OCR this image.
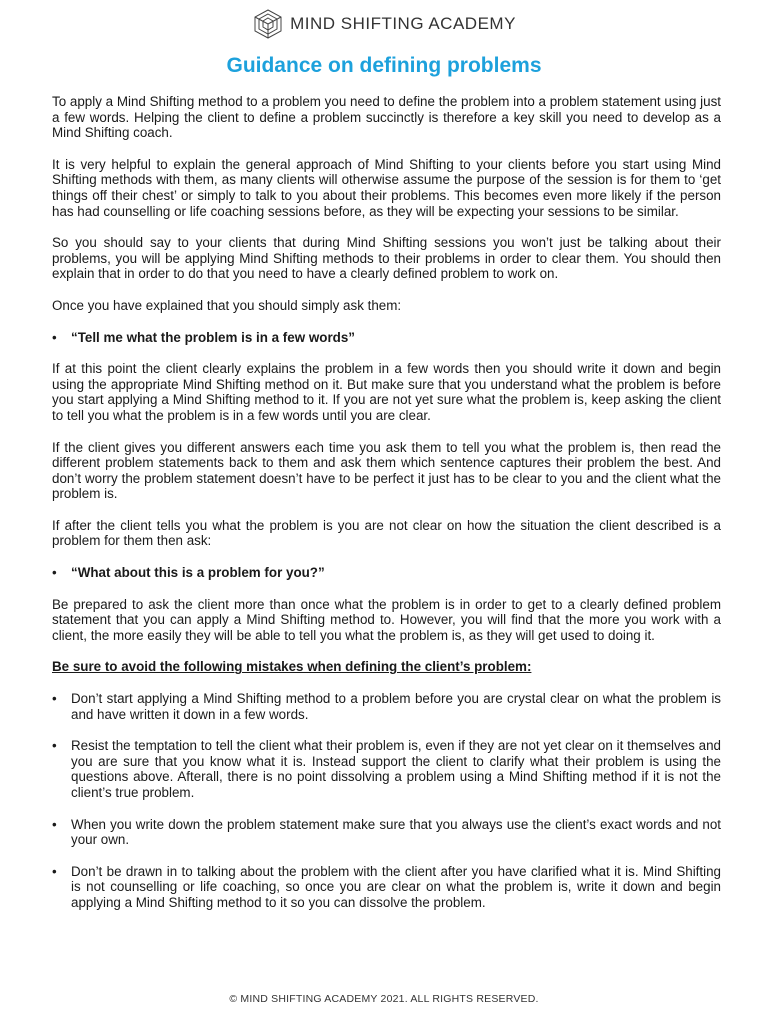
MIND SHIFTING ACADEMY
Guidance on defining problems

To apply a Mind Shifting method to a problem you need to define the problem into a problem statement using just a few words. Helping the client to define a problem succinctly is therefore a key skill you need to develop as a Mind Shifting coach.

It is very helpful to explain the general approach of Mind Shifting to your clients before you start using Mind Shifting methods with them, as many clients will otherwise assume the purpose of the session is for them to ‘get things off their chest’ or simply to talk to you about their problems. This becomes even more likely if the person has had counselling or life coaching sessions before, as they will be expecting your sessions to be similar.

So you should say to your clients that during Mind Shifting sessions you won’t just be talking about their problems, you will be applying Mind Shifting methods to their problems in order to clear them. You should then explain that in order to do that you need to have a clearly defined problem to work on.

Once you have explained that you should simply ask them:

•	“Tell me what the problem is in a few words”

If at this point the client clearly explains the problem in a few words then you should write it down and begin using the appropriate Mind Shifting method on it. But make sure that you understand what the problem is before you start applying a Mind Shifting method to it. If you are not yet sure what the problem is, keep asking the client to tell you what the problem is in a few words until you are clear.

If the client gives you different answers each time you ask them to tell you what the problem is, then read the different problem statements back to them and ask them which sentence captures their problem the best. And don’t worry the problem statement doesn’t have to be perfect it just has to be clear to you and the client what the problem is.

If after the client tells you what the problem is you are not clear on how the situation the client described is a problem for them then ask:

•	“What about this is a problem for you?”

Be prepared to ask the client more than once what the problem is in order to get to a clearly defined problem statement that you can apply a Mind Shifting method to. However, you will find that the more you work with a client, the more easily they will be able to tell you what the problem is, as they will get used to doing it.

Be sure to avoid the following mistakes when defining the client’s problem:
•	Don’t start applying a Mind Shifting method to a problem before you are crystal clear on what the problem is and have written it down in a few words.
•	Resist the temptation to tell the client what their problem is, even if they are not yet clear on it themselves and you are sure that you know what it is. Instead support the client to clarify what their problem is using the questions above. Afterall, there is no point dissolving a problem using a Mind Shifting method if it is not the client’s true problem.
•	When you write down the problem statement make sure that you always use the client’s exact words and not your own.
•	Don’t be drawn in to talking about the problem with the client after you have clarified what it is. Mind Shifting is not counselling or life coaching, so once you are clear on what the problem is, write it down and begin applying a Mind Shifting method to it so you can dissolve the problem.
© MIND SHIFTING ACADEMY 2021. ALL RIGHTS RESERVED.
